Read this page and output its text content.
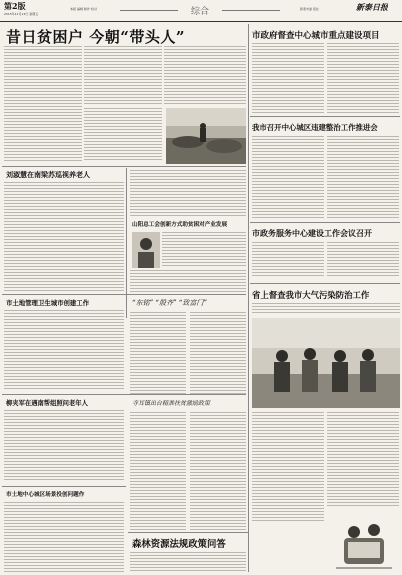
第2版
2015年11月13日 星期五
本版 编辑 制作 校对	综合	新泰市委 报社	新泰日报
昔日贫困户 今朝“带头人”	市政府督查中心城市重点建设项目
我市召开中心城区违建整治工作推进会
市政务服务中心建设工作会议召开
省上督查我市大气污染防治工作
刘淑慧在南梁苏巡视养老人
山阳总工会创新方式助贫困对产业发展
市土地管理卫生城市创建工作	“东铭” “殷齐” “致富门”
柳夹军在遇南帮组照问老年人	寺耳镇出台精准扶贫激励政策
市土地中心城区场景投创问题作
森林资源法规政策问答
